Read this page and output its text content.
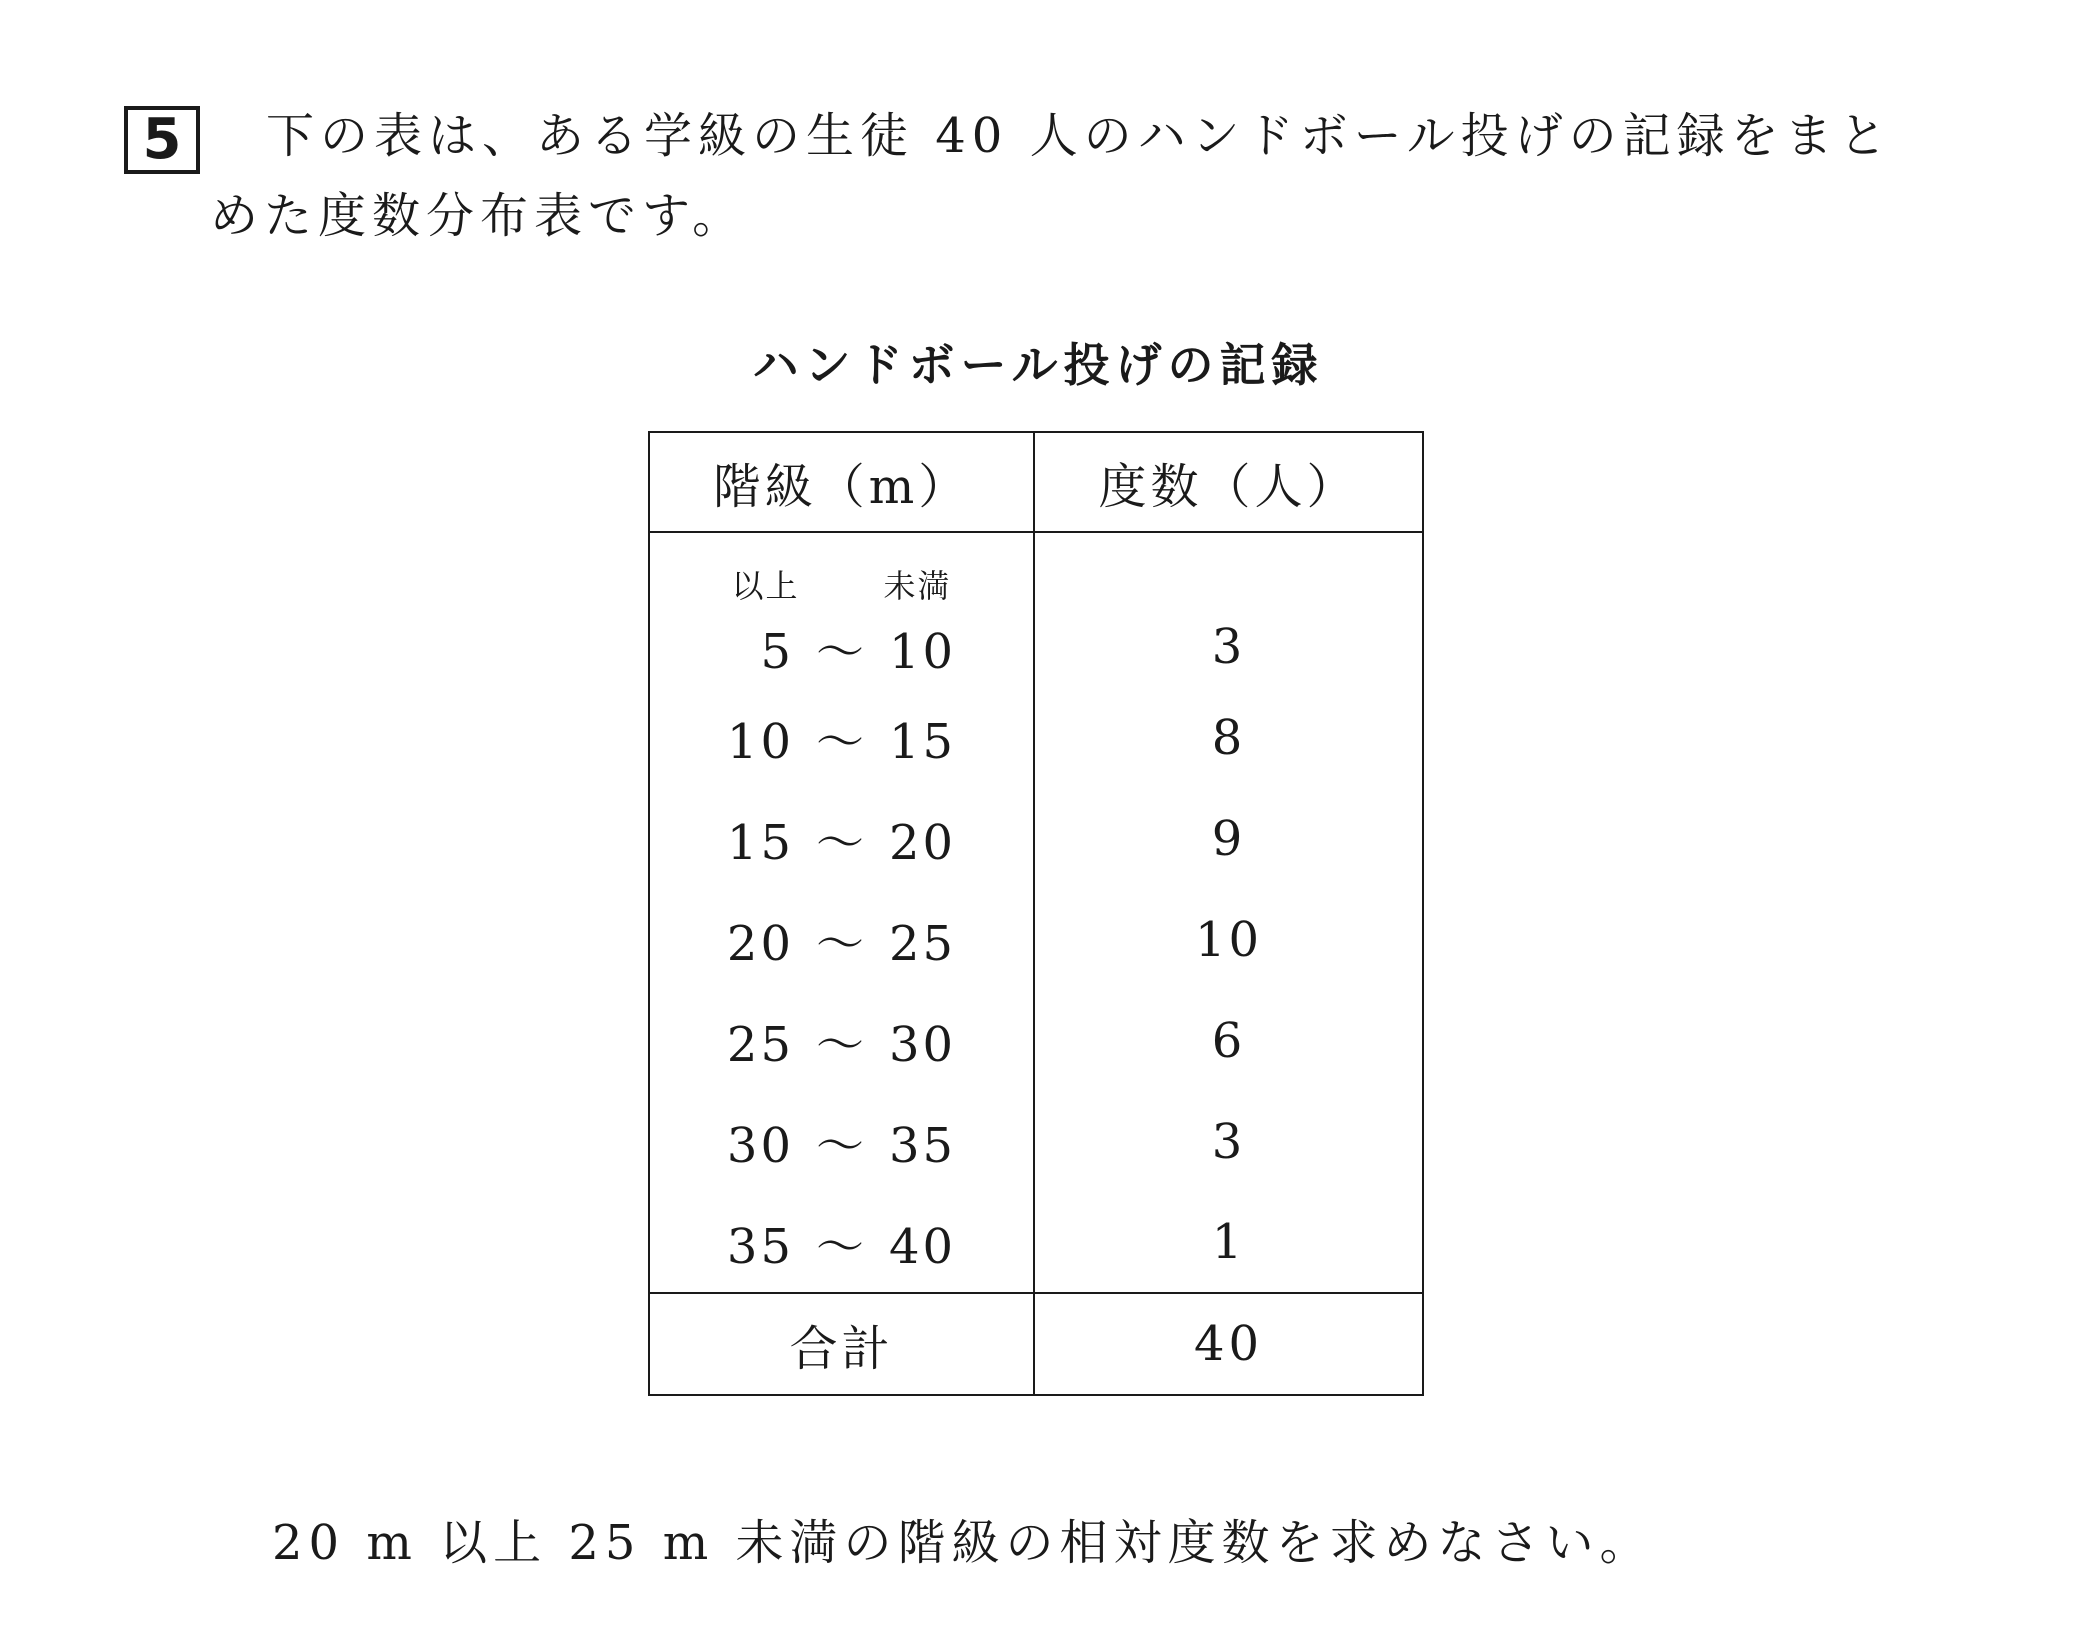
5	下の表は、ある学級の生徒 40 人のハンドボール投げの記録をまとめた度数分布表です。

ハンドボール投げの記録
階級（m）	度数（人）
以上 未満	
5 ～ 10	3
10 ～ 15	8
15 ～ 20	9
20 ～ 25	10
25 ～ 30	6
30 ～ 35	3
35 ～ 40	1
合計	40

20 m 以上 25 m 未満の階級の相対度数を求めなさい。
